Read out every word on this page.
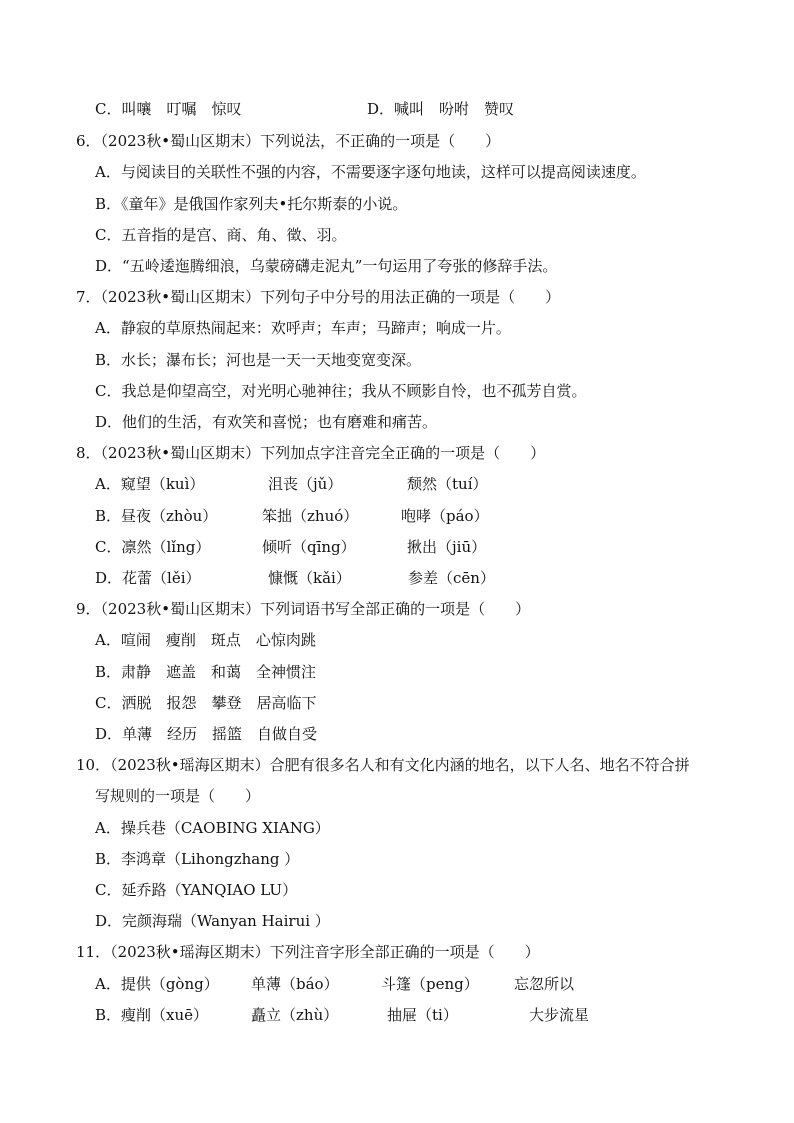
C．叫嚷　叮嘱　惊叹	D．喊叫　吩咐　赞叹
6．（2023秋•蜀山区期末）下列说法，不正确的一项是（　　）
A．与阅读目的关联性不强的内容，不需要逐字逐句地读，这样可以提高阅读速度。
B．《童年》是俄国作家列夫•托尔斯泰的小说。
C．五音指的是宫、商、角、徵、羽。
D．“五岭逶迤腾细浪，乌蒙磅礴走泥丸”一句运用了夸张的修辞手法。
7．（2023秋•蜀山区期末）下列句子中分号的用法正确的一项是（　　）
A．静寂的草原热闹起来：欢呼声；车声；马蹄声；响成一片。
B．水长；瀑布长；河也是一天一天地变宽变深。
C．我总是仰望高空，对光明心驰神往；我从不顾影自怜，也不孤芳自赏。
D．他们的生活，有欢笑和喜悦；也有磨难和痛苦。
8．（2023秋•蜀山区期末）下列加点字注音完全正确的一项是（　　）
A．窥望（kuì）	沮丧（jǔ）	颓然（tuí）
B．昼夜（zhòu）	笨拙（zhuó）	咆哮（páo）
C．凛然（lǐng）	倾听（qīng）	揪出（jiū）
D．花蕾（lěi）	慷慨（kǎi）	参差（cēn）
9．（2023秋•蜀山区期末）下列词语书写全部正确的一项是（　　）
A．喧闹　瘦削　斑点　心惊肉跳
B．肃静　遮盖　和蔼　全神惯注
C．洒脱　报怨　攀登　居高临下
D．单薄　经历　摇篮　自做自受
10．（2023秋•瑶海区期末）合肥有很多名人和有文化内涵的地名，以下人名、地名不符合拼
写规则的一项是（　　）
A．操兵巷（CAOBING XIANG）
B．李鸿章（Lihongzhang ）
C．延乔路（YANQIAO LU）
D．完颜海瑞（Wanyan Hairui ）
11．（2023秋•瑶海区期末）下列注音字形全部正确的一项是（　　）
A．提供（gòng） 单薄（báo）	斗篷（peng） 忘忽所以
B．瘦削（xuē）	矗立（zhù）	抽屉（ti）	大步流星
